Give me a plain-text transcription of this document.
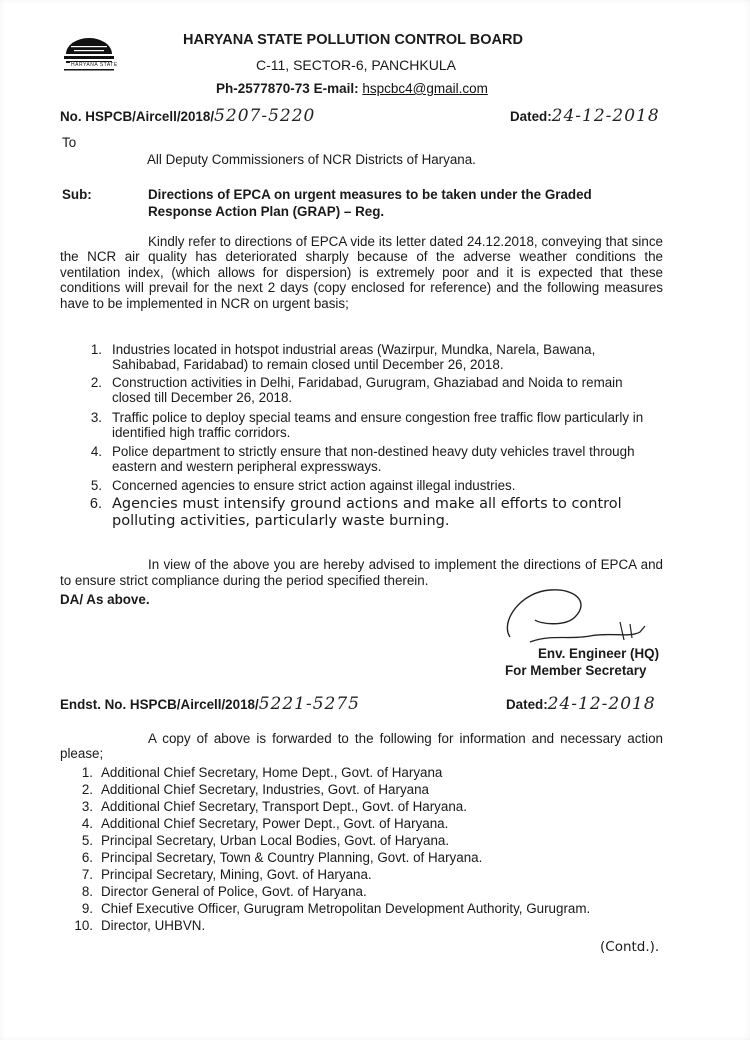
HARYANA STATE

HARYANA STATE POLLUTION CONTROL BOARD

C-11, SECTOR-6, PANCHKULA

Ph-2577870-73 E-mail: hspcbc4@gmail.com

No. HSPCB/Aircell/2018/5207-5220	Dated:24-12-2018

To

All Deputy Commissioners of NCR Districts of Haryana.

Sub:	Directions of EPCA on urgent measures to be taken under the Graded

Response Action Plan (GRAP) – Reg.

Kindly refer to directions of EPCA vide its letter dated 24.12.2018, conveying that since the NCR air quality has deteriorated sharply because of the adverse weather conditions the ventilation index, (which allows for dispersion) is extremely poor and it is expected that these conditions will prevail for the next 2 days (copy enclosed for reference) and the following measures have to be implemented in NCR on urgent basis;

1. Industries located in hotspot industrial areas (Wazirpur, Mundka, Narela, Bawana, Sahibabad, Faridabad) to remain closed until December 26, 2018.
2. Construction activities in Delhi, Faridabad, Gurugram, Ghaziabad and Noida to remain closed till December 26, 2018.
3. Traffic police to deploy special teams and ensure congestion free traffic flow particularly in identified high traffic corridors.
4. Police department to strictly ensure that non-destined heavy duty vehicles travel through eastern and western peripheral expressways.
5. Concerned agencies to ensure strict action against illegal industries.
6. Agencies must intensify ground actions and make all efforts to control polluting activities, particularly waste burning.

In view of the above you are hereby advised to implement the directions of EPCA and to ensure strict compliance during the period specified therein.

DA/ As above.

Env. Engineer (HQ)

For Member Secretary

Endst. No. HSPCB/Aircell/2018/5221-5275	Dated:24-12-2018

A copy of above is forwarded to the following for information and necessary action please;

1. Additional Chief Secretary, Home Dept., Govt. of Haryana
2. Additional Chief Secretary, Industries, Govt. of Haryana
3. Additional Chief Secretary, Transport Dept., Govt. of Haryana.
4. Additional Chief Secretary, Power Dept., Govt. of Haryana.
5. Principal Secretary, Urban Local Bodies, Govt. of Haryana.
6. Principal Secretary, Town & Country Planning, Govt. of Haryana.
7. Principal Secretary, Mining, Govt. of Haryana.
8. Director General of Police, Govt. of Haryana.
9. Chief Executive Officer, Gurugram Metropolitan Development Authority, Gurugram.
10. Director, UHBVN.

(Contd.).
